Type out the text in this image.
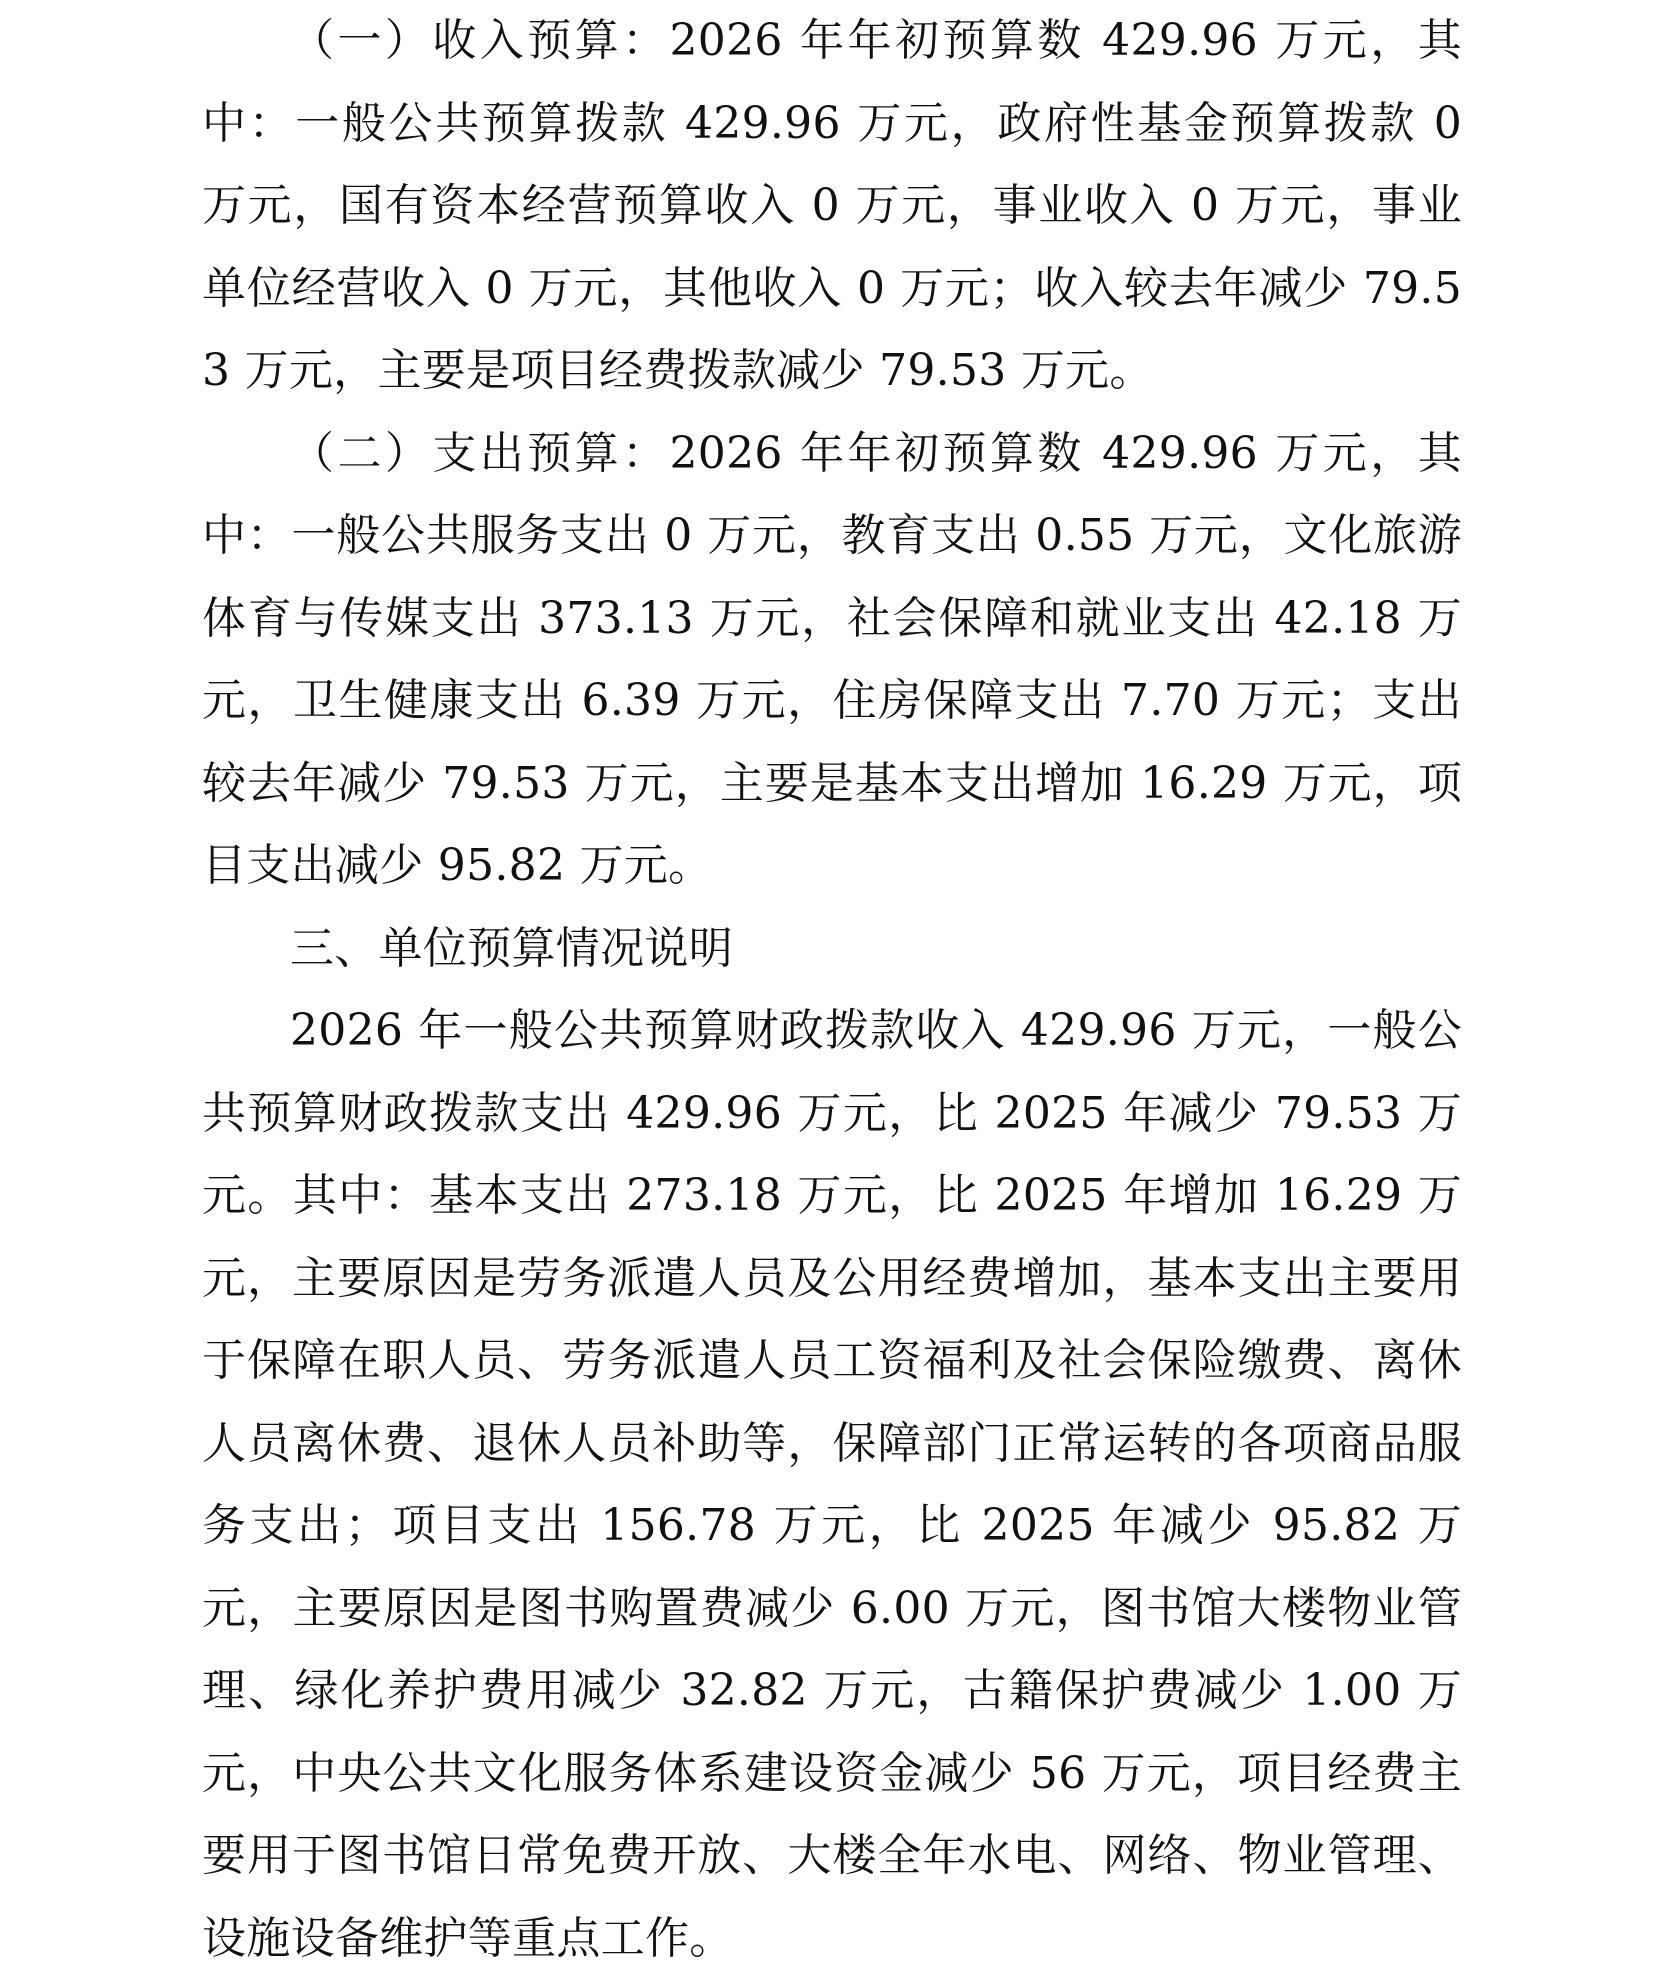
（一）收入预算：2026 年年初预算数 429.96 万元，其中：一般公共预算拨款 429.96 万元，政府性基金预算拨款 0 万元，国有资本经营预算收入 0 万元，事业收入 0 万元，事业单位经营收入 0 万元，其他收入 0 万元；收入较去年减少 79.53 万元，主要是项目经费拨款减少 79.53 万元。

（二）支出预算：2026 年年初预算数 429.96 万元，其中：一般公共服务支出 0 万元，教育支出 0.55 万元，文化旅游体育与传媒支出 373.13 万元，社会保障和就业支出 42.18 万元，卫生健康支出 6.39 万元，住房保障支出 7.70 万元；支出较去年减少 79.53 万元，主要是基本支出增加 16.29 万元，项目支出减少 95.82 万元。

三、单位预算情况说明

2026 年一般公共预算财政拨款收入 429.96 万元，一般公共预算财政拨款支出 429.96 万元，比 2025 年减少 79.53 万元。其中：基本支出 273.18 万元，比 2025 年增加 16.29 万元，主要原因是劳务派遣人员及公用经费增加，基本支出主要用于保障在职人员、劳务派遣人员工资福利及社会保险缴费、离休人员离休费、退休人员补助等，保障部门正常运转的各项商品服务支出；项目支出 156.78 万元，比 2025 年减少 95.82 万元，主要原因是图书购置费减少 6.00 万元，图书馆大楼物业管理、绿化养护费用减少 32.82 万元，古籍保护费减少 1.00 万元，中央公共文化服务体系建设资金减少 56 万元，项目经费主要用于图书馆日常免费开放、大楼全年水电、网络、物业管理、设施设备维护等重点工作。
